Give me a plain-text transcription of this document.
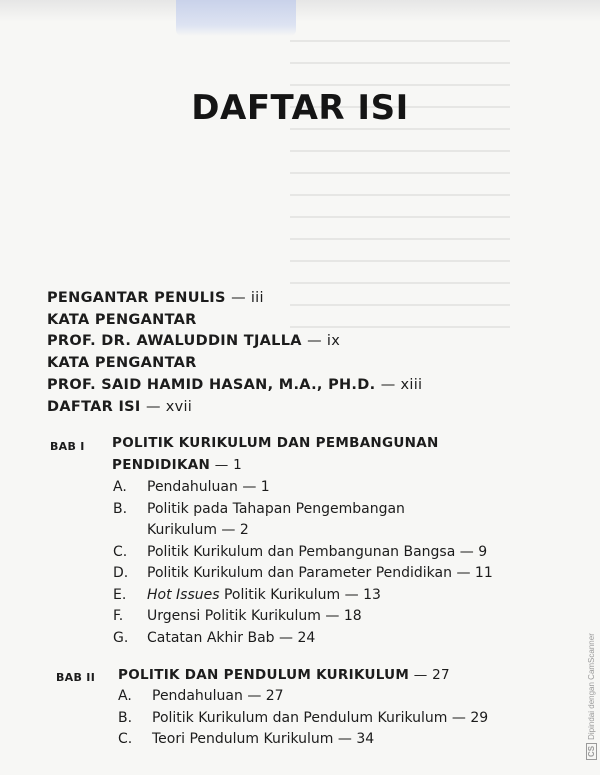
DAFTAR ISI
PENGANTAR PENULIS — iii
KATA PENGANTAR
PROF. DR. AWALUDDIN TJALLA — ix
KATA PENGANTAR
PROF. SAID HAMID HASAN, M.A., PH.D. — xiii
DAFTAR ISI — xvii
BAB I POLITIK KURIKULUM DAN PEMBANGUNAN
PENDIDIKAN — 1
A.	Pendahuluan — 1
B.	Politik pada Tahapan Pengembangan
Kurikulum — 2
C.	Politik Kurikulum dan Pembangunan Bangsa — 9
D.	Politik Kurikulum dan Parameter Pendidikan — 11
E.	Hot Issues Politik Kurikulum — 13
F.	Urgensi Politik Kurikulum — 18
G.	Catatan Akhir Bab — 24
BAB II POLITIK DAN PENDULUM KURIKULUM — 27
A.	Pendahuluan — 27
B.	Politik Kurikulum dan Pendulum Kurikulum — 29
C.	Teori Pendulum Kurikulum — 34
CSDipindai dengan CamScanner
